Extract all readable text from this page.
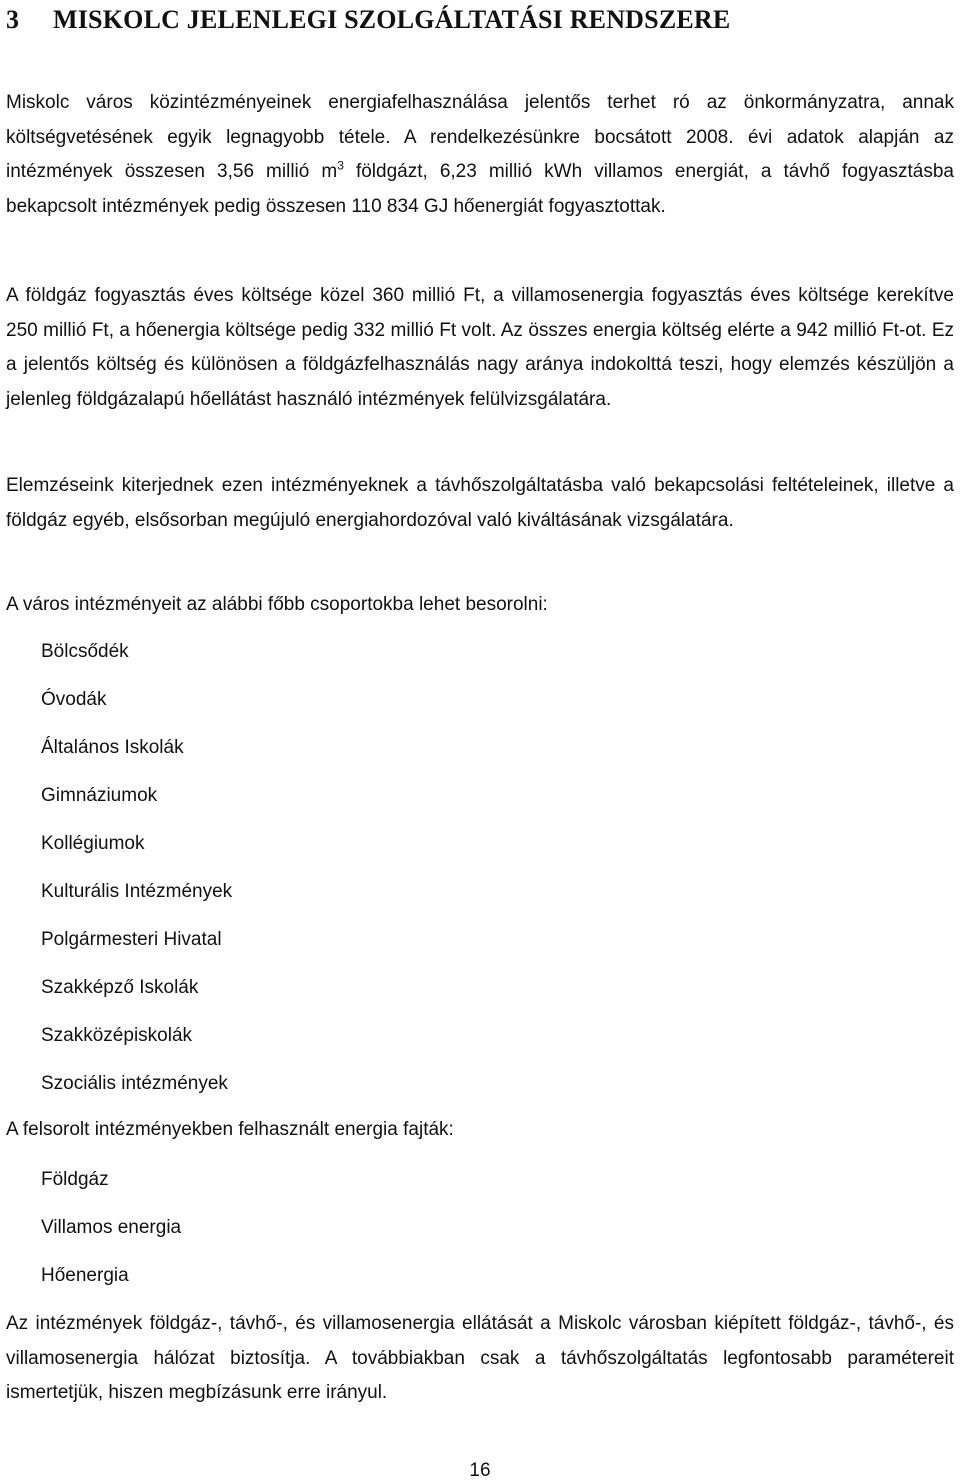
3 MISKOLC JELENLEGI SZOLGÁLTATÁSI RENDSZERE

Miskolc város közintézményeinek energiafelhasználása jelentős terhet ró az önkormányzatra, annak költségvetésének egyik legnagyobb tétele. A rendelkezésünkre bocsátott 2008. évi adatok alapján az intézmények összesen 3,56 millió $m^3$ földgázt, 6,23 millió kWh villamos energiát, a távhő fogyasztásba bekapcsolt intézmények pedig összesen 110 834 GJ hőenergiát fogyasztottak.

A földgáz fogyasztás éves költsége közel 360 millió Ft, a villamosenergia fogyasztás éves költsége kerekítve 250 millió Ft, a hőenergia költsége pedig 332 millió Ft volt. Az összes energia költség elérte a 942 millió Ft-ot. Ez a jelentős költség és különösen a földgázfelhasználás nagy aránya indokolttá teszi, hogy elemzés készüljön a jelenleg földgázalapú hőellátást használó intézmények felülvizsgálatára.

Elemzéseink kiterjednek ezen intézményeknek a távhőszolgáltatásba való bekapcsolási feltételeinek, illetve a földgáz egyéb, elsősorban megújuló energiahordozóval való kiváltásának vizsgálatára.

A város intézményeit az alábbi főbb csoportokba lehet besorolni:

Bölcsődék
Óvodák
Általános Iskolák
Gimnáziumok
Kollégiumok
Kulturális Intézmények
Polgármesteri Hivatal
Szakképző Iskolák
Szakközépiskolák
Szociális intézmények

A felsorolt intézményekben felhasznált energia fajták:

Földgáz
Villamos energia
Hőenergia

Az intézmények földgáz-, távhő-, és villamosenergia ellátását a Miskolc városban kiépített földgáz-, távhő-, és villamosenergia hálózat biztosítja. A továbbiakban csak a távhőszolgáltatás legfontosabb paramétereit ismertetjük, hiszen megbízásunk erre irányul.

16
